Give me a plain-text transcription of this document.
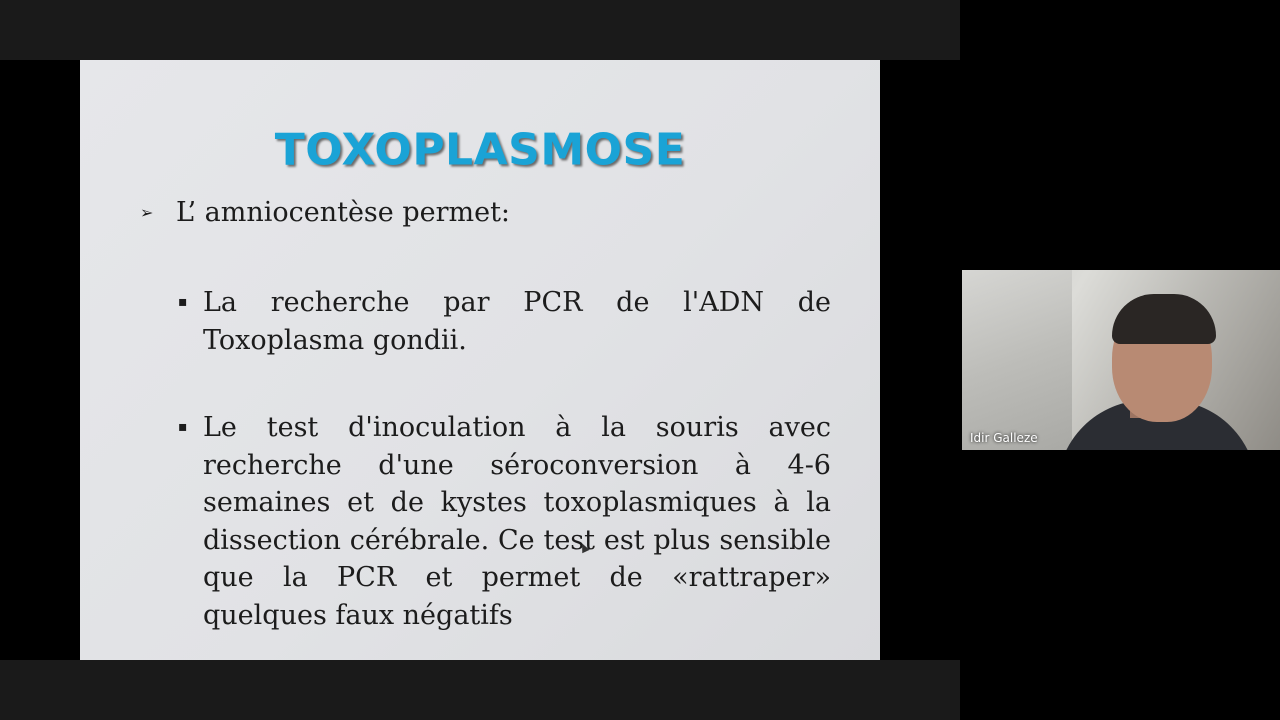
TOXOPLASMOSE
➢ L’ amniocentèse permet:
▪ La recherche par PCR de l'ADN de Toxoplasma gondii.
▪ Le test d'inoculation à la souris avec recherche d'une séroconversion à 4-6 semaines et de kystes toxoplasmiques à la dissection cérébrale. Ce test est plus sensible que la PCR et permet de «rattraper» quelques faux négatifs
Idir Galleze
